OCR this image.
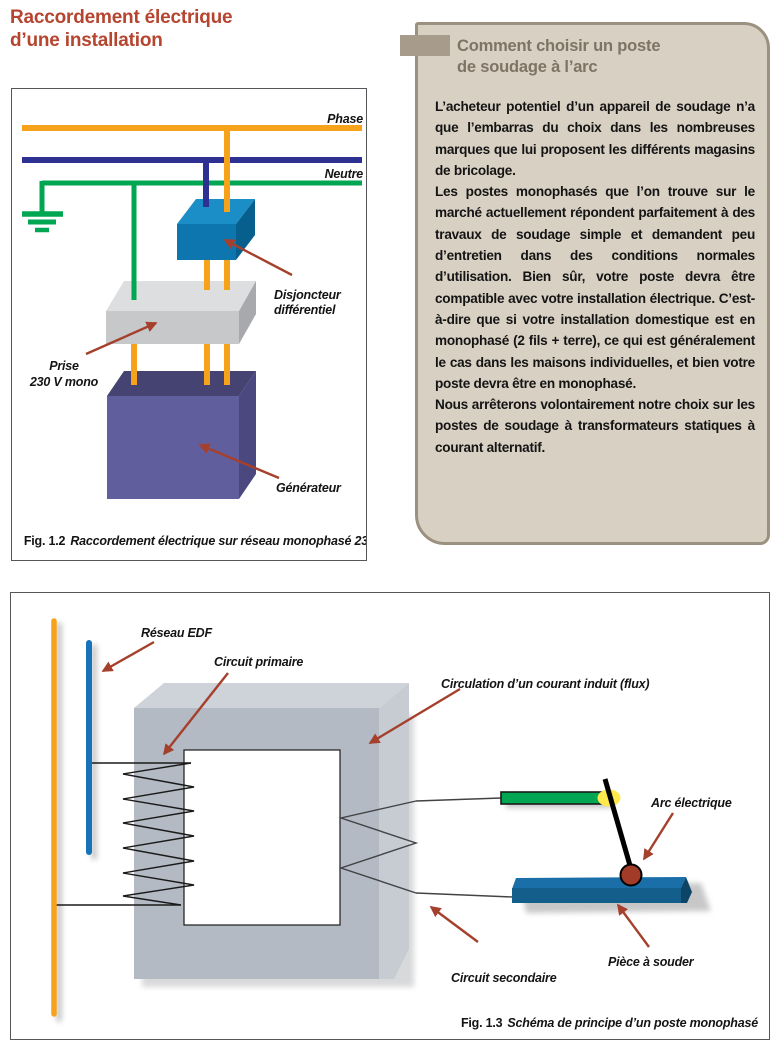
Raccordement électrique
d’une installation
Phase
Neutre
Disjoncteur
différentiel
Prise
230 V mono
Générateur
Fig. 1.2 Raccordement électrique sur réseau monophasé 230 V
Comment choisir un poste
de soudage à l’arc

L’acheteur potentiel d’un appareil de soudage n’a que l’embarras du choix dans les nombreuses marques que lui proposent les différents magasins de bricolage.

Les postes monophasés que l’on trouve sur le marché actuellement répondent parfaitement à des travaux de soudage simple et demandent peu d’entretien dans des conditions normales d’utilisation. Bien sûr, votre poste devra être compatible avec votre installation électrique. C’est-à-dire que si votre installation domestique est en monophasé (2 fils + terre), ce qui est généralement le cas dans les maisons individuelles, et bien votre poste devra être en monophasé.

Nous arrêterons volontairement notre choix sur les postes de soudage à transformateurs statiques à courant alternatif.

Réseau EDF
Circuit primaire
Circulation d’un courant induit (flux)
Arc électrique
Circuit secondaire
Pièce à souder
Fig. 1.3 Schéma de principe d’un poste monophasé
